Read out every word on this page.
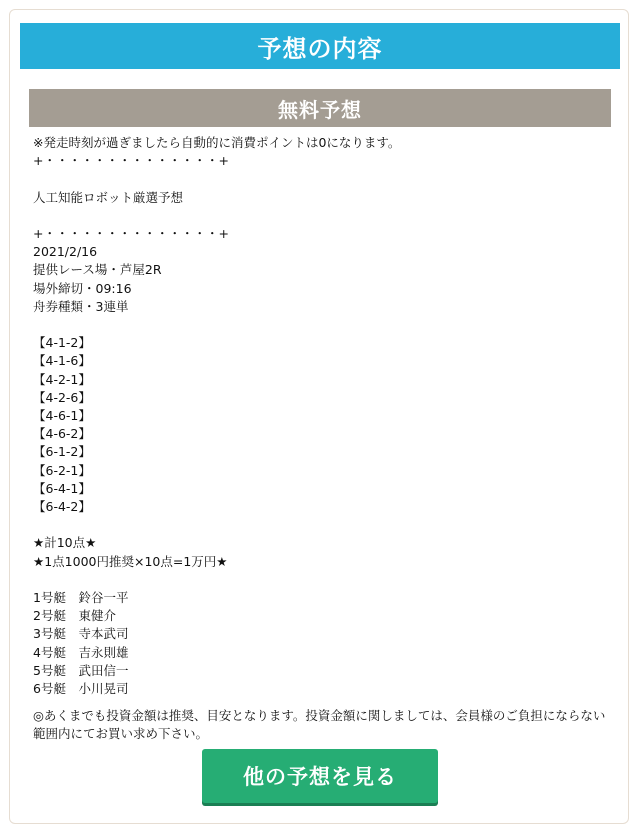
予想の内容
無料予想
※発走時刻が過ぎましたら自動的に消費ポイントは0になります。
+・・・・・・・・・・・・・・+
人工知能ロボット厳選予想
+・・・・・・・・・・・・・・+
2021/2/16
提供レース場・芦屋2R
場外締切・09:16
舟券種類・3連単
【4-1-2】
【4-1-6】
【4-2-1】
【4-2-6】
【4-6-1】
【4-6-2】
【6-1-2】
【6-2-1】
【6-4-1】
【6-4-2】
★計10点★
★1点1000円推奨×10点=1万円★
1号艇　鈴谷一平
2号艇　東健介
3号艇　寺本武司
4号艇　吉永則雄
5号艇　武田信一
6号艇　小川晃司
◎あくまでも投資金額は推奨、目安となります。投資金額に関しましては、会員様のご負担にならない範囲内にてお買い求め下さい。
他の予想を見る
